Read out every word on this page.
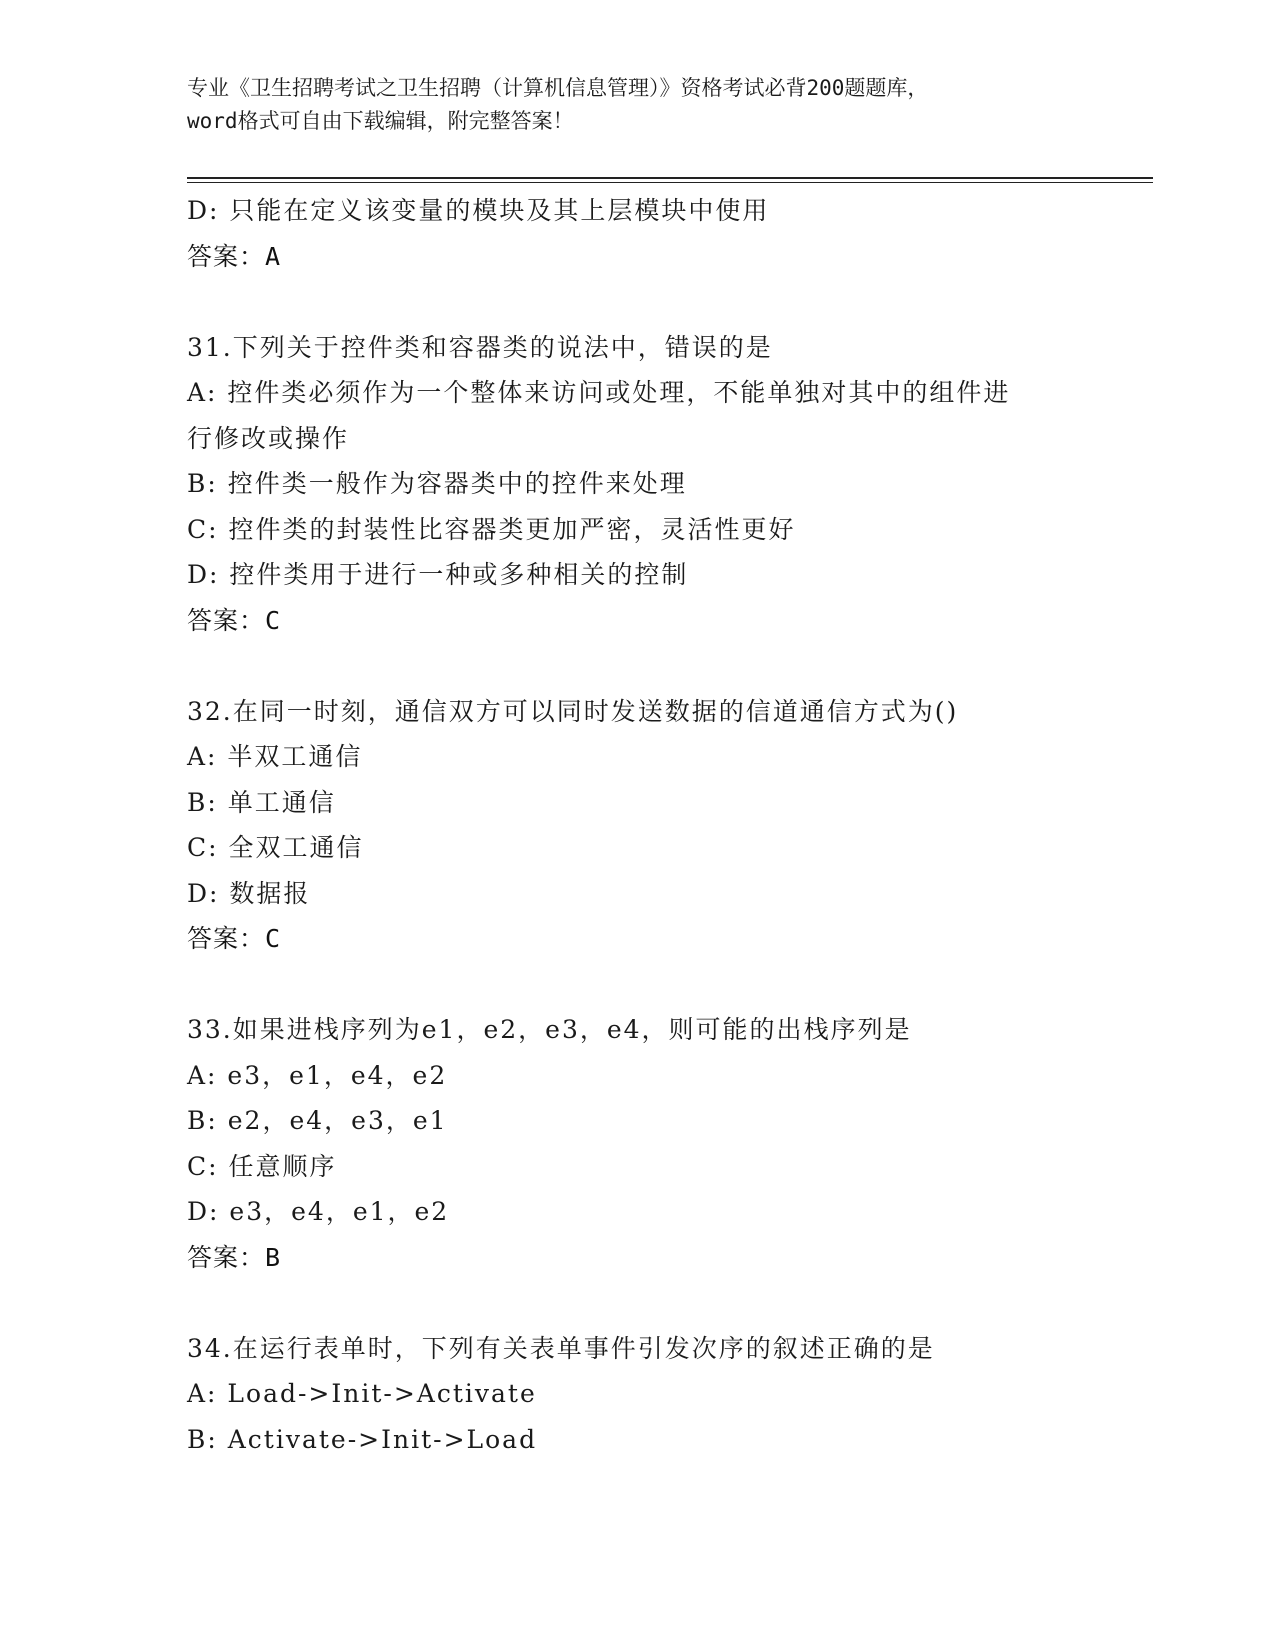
专业《卫生招聘考试之卫生招聘（计算机信息管理）》资格考试必背200题题库，
word格式可自由下载编辑，附完整答案！
D: 只能在定义该变量的模块及其上层模块中使用
答案：A
31.下列关于控件类和容器类的说法中，错误的是
A: 控件类必须作为一个整体来访问或处理，不能单独对其中的组件进行修改或操作
B: 控件类一般作为容器类中的控件来处理
C: 控件类的封装性比容器类更加严密，灵活性更好
D: 控件类用于进行一种或多种相关的控制
答案：C
32.在同一时刻，通信双方可以同时发送数据的信道通信方式为()
A: 半双工通信
B: 单工通信
C: 全双工通信
D: 数据报
答案：C
33.如果进栈序列为e1，e2，e3，e4，则可能的出栈序列是
A: e3，e1，e4，e2
B: e2，e4，e3，e1
C: 任意顺序
D: e3，e4，e1，e2
答案：B
34.在运行表单时，下列有关表单事件引发次序的叙述正确的是
A: Load->Init->Activate
B: Activate->Init->Load
